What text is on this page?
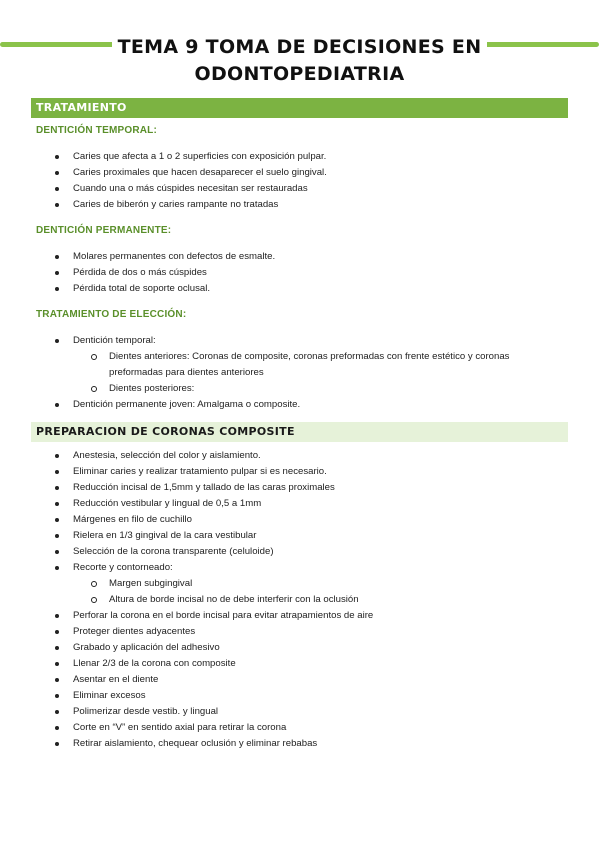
TEMA 9 TOMA DE DECISIONES EN
ODONTOPEDIATRIA
TRATAMIENTO
DENTICIÓN TEMPORAL:
Caries que afecta a 1 o 2 superficies con exposición pulpar.
Caries proximales que hacen desaparecer el suelo gingival.
Cuando una o más cúspides necesitan ser restauradas
Caries de biberón y caries rampante no tratadas
DENTICIÓN PERMANENTE:
Molares permanentes con defectos de esmalte.
Pérdida de dos o más cúspides
Pérdida total de soporte oclusal.
TRATAMIENTO DE ELECCIÓN:
Dentición temporal:
Dientes anteriores: Coronas de composite, coronas preformadas con frente estético y coronas preformadas para dientes anteriores
Dientes posteriores:
Dentición permanente joven: Amalgama o composite.
PREPARACION DE CORONAS COMPOSITE
Anestesia, selección del color y aislamiento.
Eliminar caries y realizar tratamiento pulpar si es necesario.
Reducción incisal de 1,5mm y tallado de las caras proximales
Reducción vestibular y lingual de 0,5 a 1mm
Márgenes en filo de cuchillo
Rielera en 1/3 gingival de la cara vestibular
Selección de la corona transparente (celuloide)
Recorte y contorneado:
Margen subgingival
Altura de borde incisal no de debe interferir con la oclusión
Perforar la corona en el borde incisal para evitar atrapamientos de aire
Proteger dientes adyacentes
Grabado y aplicación del adhesivo
Llenar 2/3 de la corona con composite
Asentar en el diente
Eliminar excesos
Polimerizar desde vestib. y lingual
Corte en “V” en sentido axial para retirar la corona
Retirar aislamiento, chequear oclusión y eliminar rebabas
